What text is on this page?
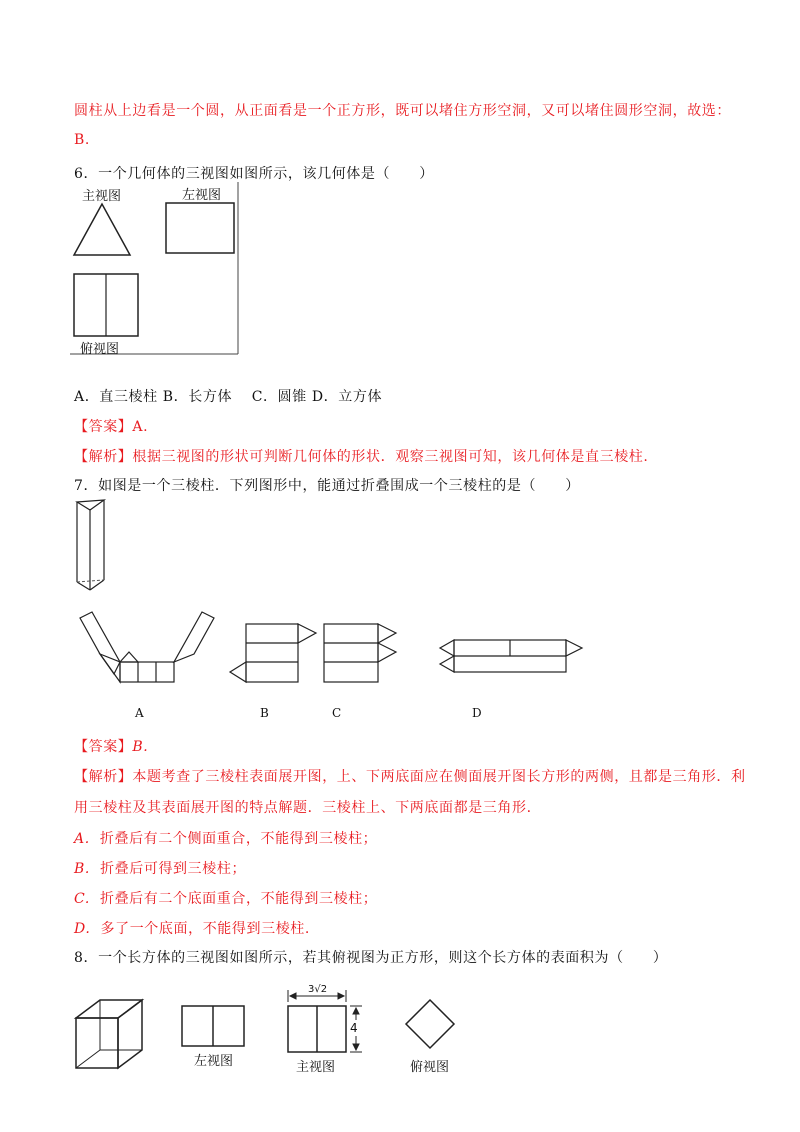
圆柱从上边看是一个圆，从正面看是一个正方形，既可以堵住方形空洞，又可以堵住圆形空洞，故选：
B.
6．一个几何体的三视图如图所示，该几何体是（　　）
主视图	左视图
俯视图
A．直三棱柱 B．长方体　 C．圆锥 D．立方体
【答案】A.
【解析】根据三视图的形状可判断几何体的形状．观察三视图可知，该几何体是直三棱柱.
7．如图是一个三棱柱．下列图形中，能通过折叠围成一个三棱柱的是（　　）
A	B	C	D
【答案】B.
【解析】本题考查了三棱柱表面展开图，上、下两底面应在侧面展开图长方形的两侧，且都是三角形．利
用三棱柱及其表面展开图的特点解题．三棱柱上、下两底面都是三角形.
A. 折叠后有二个侧面重合，不能得到三棱柱；
B. 折叠后可得到三棱柱；
C. 折叠后有二个底面重合，不能得到三棱柱；
D. 多了一个底面，不能得到三棱柱.
8．一个长方体的三视图如图所示，若其俯视图为正方形，则这个长方体的表面积为（　　）
3√2
4
左视图	主视图	俯视图
